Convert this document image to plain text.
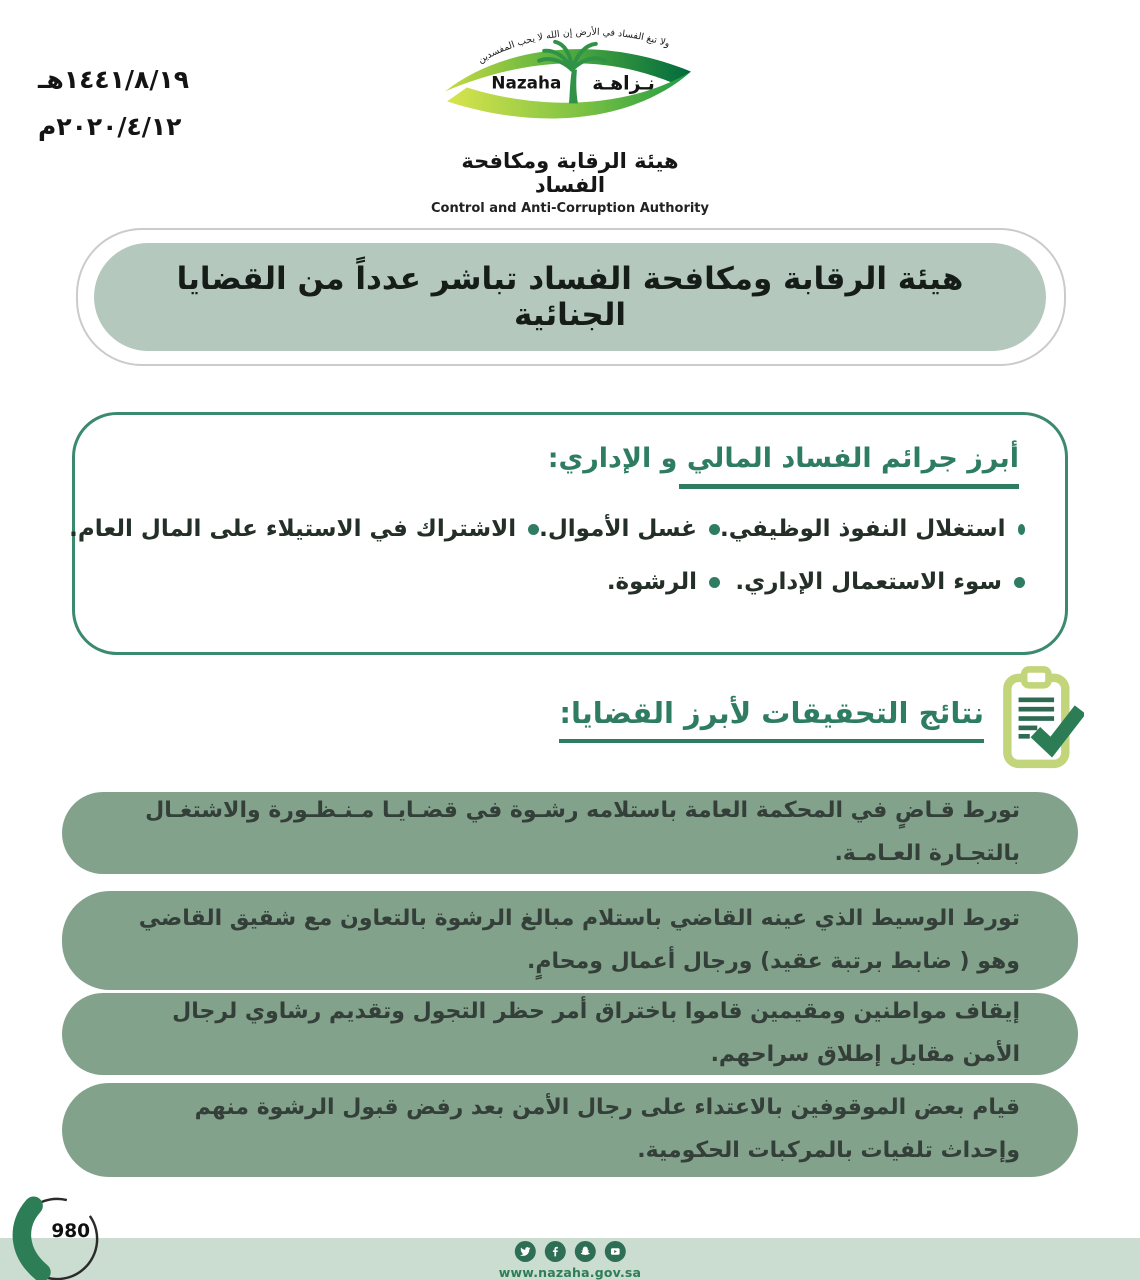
١٤٤١/٨/١٩هـ
٢٠٢٠/٤/١٢م
ولا تبغ الفساد في الأرض إن الله لا يحب المفسدين
Nazaha نـزاهـة
هيئة الرقابة ومكافحة الفساد
Control and Anti-Corruption Authority
هيئة الرقابة ومكافحة الفساد تباشر عدداً من القضايا الجنائية
أبرز جرائم الفساد المالي و الإداري:
استغلال النفوذ الوظيفي.
غسل الأموال.
الاشتراك في الاستيلاء على المال العام.
سوء الاستعمال الإداري.
الرشوة.
نتائج التحقيقات لأبرز القضايا:
تورط قـاضٍ في المحكمة العامة باستلامه رشـوة في قضـايـا مـنـظـورة والاشتغـال بالتجـارة العـامـة.
تورط الوسيط الذي عينه القاضي باستلام مبالغ الرشوة بالتعاون مع شقيق القاضي وهو ( ضابط برتبة عقيد) ورجال أعمال ومحامٍ.
إيقاف مواطنين ومقيمين قاموا باختراق أمر حظر التجول وتقديم رشاوي لرجال الأمن مقابل إطلاق سراحهم.
قيام بعض الموقوفين بالاعتداء على رجال الأمن بعد رفض قبول الرشوة منهم وإحداث تلفيات بالمركبات الحكومية.
980
www.nazaha.gov.sa
